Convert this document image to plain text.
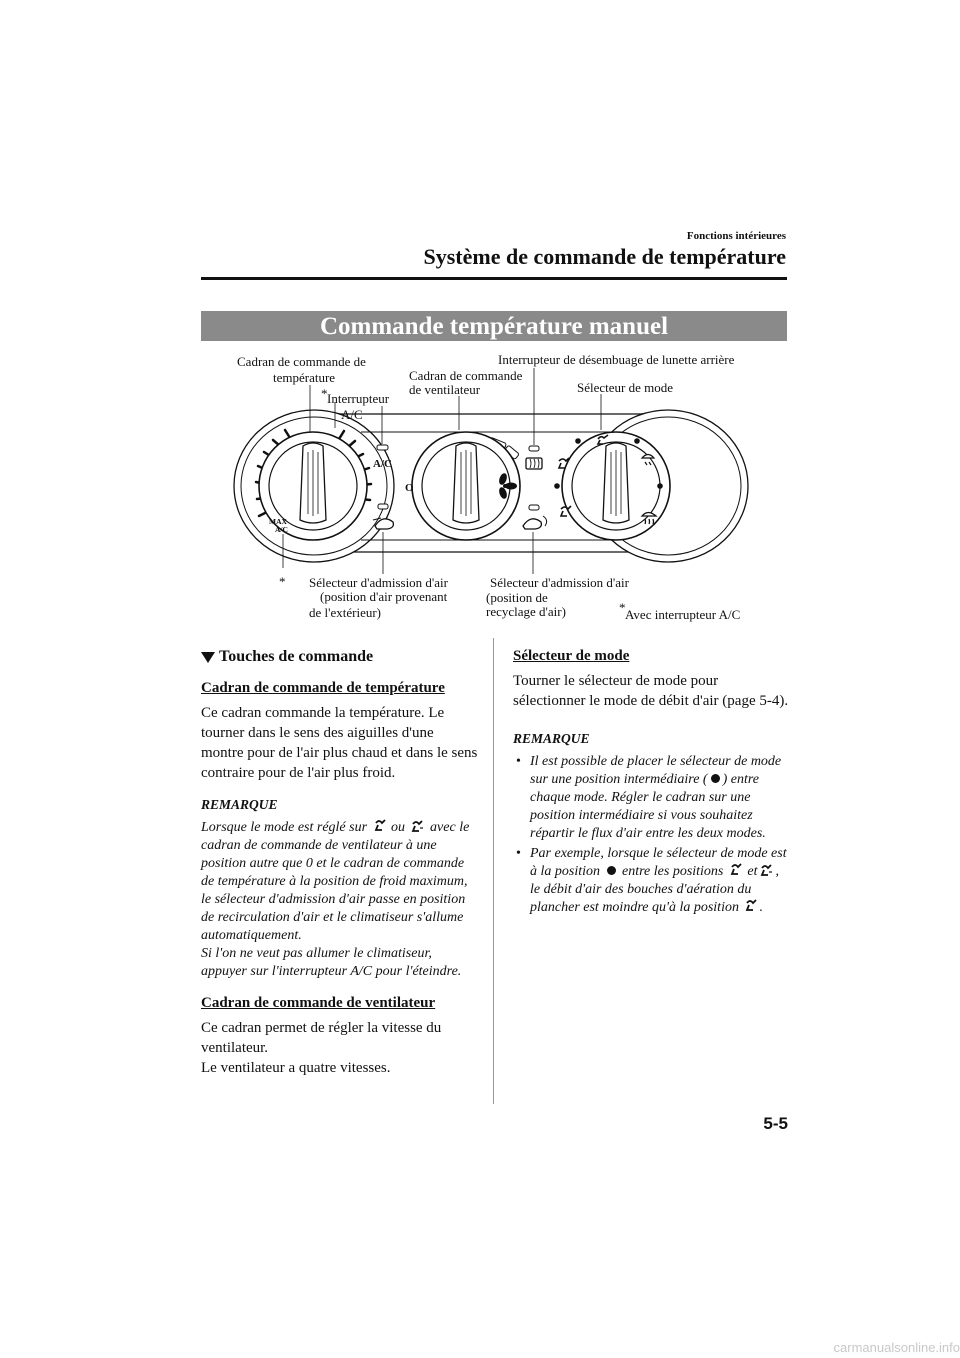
Fonctions intérieures
Système de commande de température
Commande température manuel
MAX
A/C
A/C
O
Cadran de commande de
température
* Interrupteur
A/C
Cadran de commande
de ventilateur
Interrupteur de désembuage de lunette arrière
Sélecteur de mode
* Sélecteur d'admission d'air
(position d'air provenant
de l'extérieur)
Sélecteur d'admission d'air
(position de
recyclage d'air)	* Avec interrupteur A/C
Touches de commande
Cadran de commande de température

Ce cadran commande la température. Le tourner dans le sens des aiguilles d'une montre pour de l'air plus chaud et dans le sens contraire pour de l'air plus froid.

REMARQUE
Lorsque le mode est réglé sur ou avec le cadran de commande de ventilateur à une position autre que 0 et le cadran de commande de température à la position de froid maximum, le sélecteur d'admission d'air passe en position de recirculation d'air et le climatiseur s'allume automatiquement.
Si l'on ne veut pas allumer le climatiseur, appuyer sur l'interrupteur A/C pour l'éteindre.
Cadran de commande de ventilateur
Ce cadran permet de régler la vitesse du ventilateur.
Le ventilateur a quatre vitesses.
Sélecteur de mode

Tourner le sélecteur de mode pour sélectionner le mode de débit d'air (page 5-4).

REMARQUE
• Il est possible de placer le sélecteur de mode sur une position intermédiaire ( ) entre chaque mode. Régler le cadran sur une position intermédiaire si vous souhaitez répartir le flux d'air entre les deux modes.
• Par exemple, lorsque le sélecteur de mode est à la position entre les positions et , le débit d'air des bouches d'aération du plancher est moindre qu'à la position .
5-5
carmanualsonline.info
